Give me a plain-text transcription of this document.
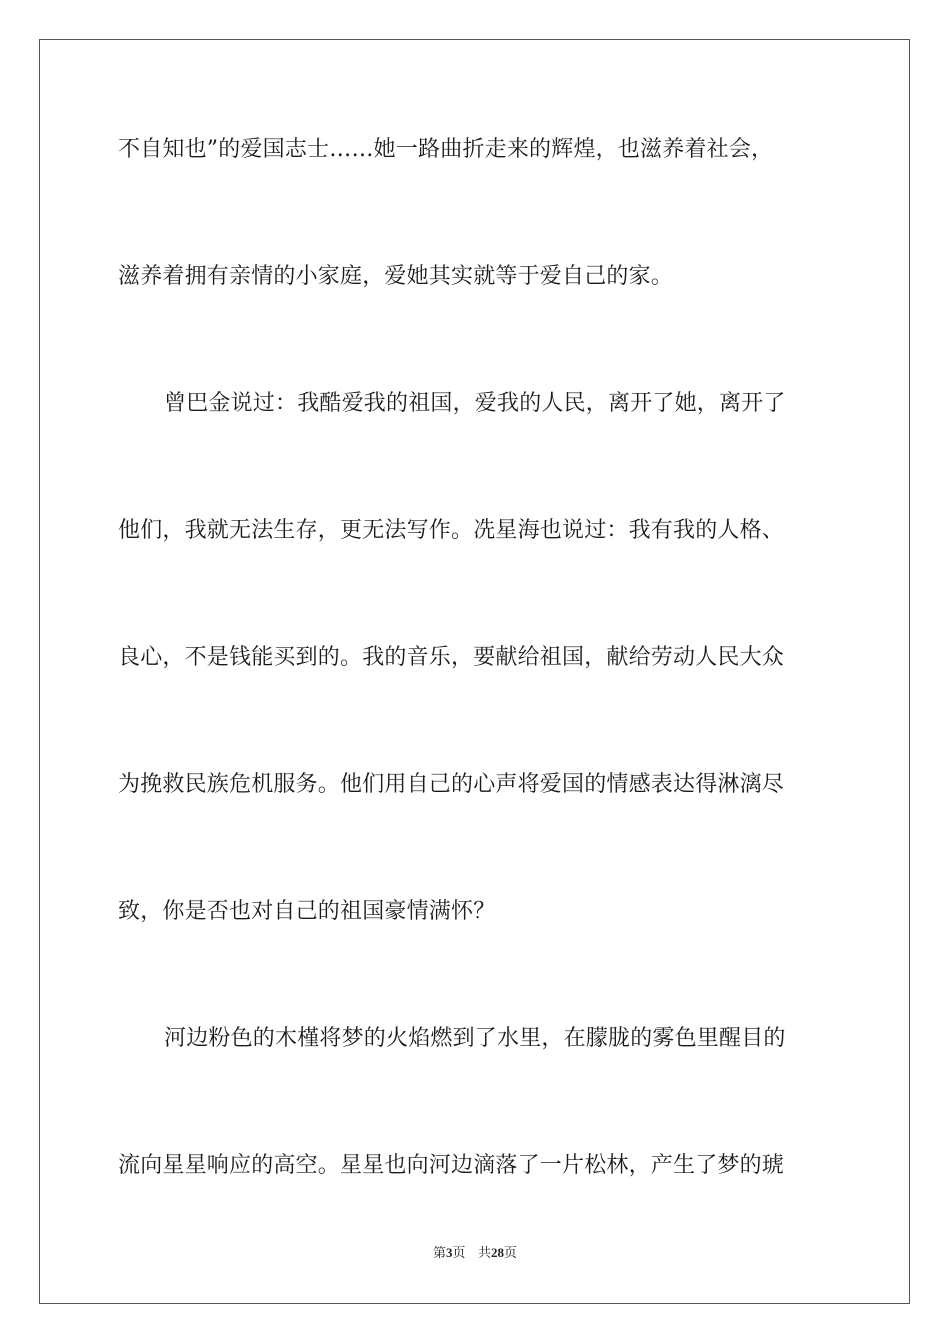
不自知也”的爱国志士……她一路曲折走来的辉煌，也滋养着社会，
滋养着拥有亲情的小家庭，爱她其实就等于爱自己的家。
曾巴金说过：我酷爱我的祖国，爱我的人民，离开了她，离开了
他们，我就无法生存，更无法写作。冼星海也说过：我有我的人格、
良心，不是钱能买到的。我的音乐，要献给祖国，献给劳动人民大众
为挽救民族危机服务。他们用自己的心声将爱国的情感表达得淋漓尽
致，你是否也对自己的祖国豪情满怀？
河边粉色的木槿将梦的火焰燃到了水里，在朦胧的雾色里醒目的
流向星星响应的高空。星星也向河边滴落了一片松林，产生了梦的琥
第3页 共28页
